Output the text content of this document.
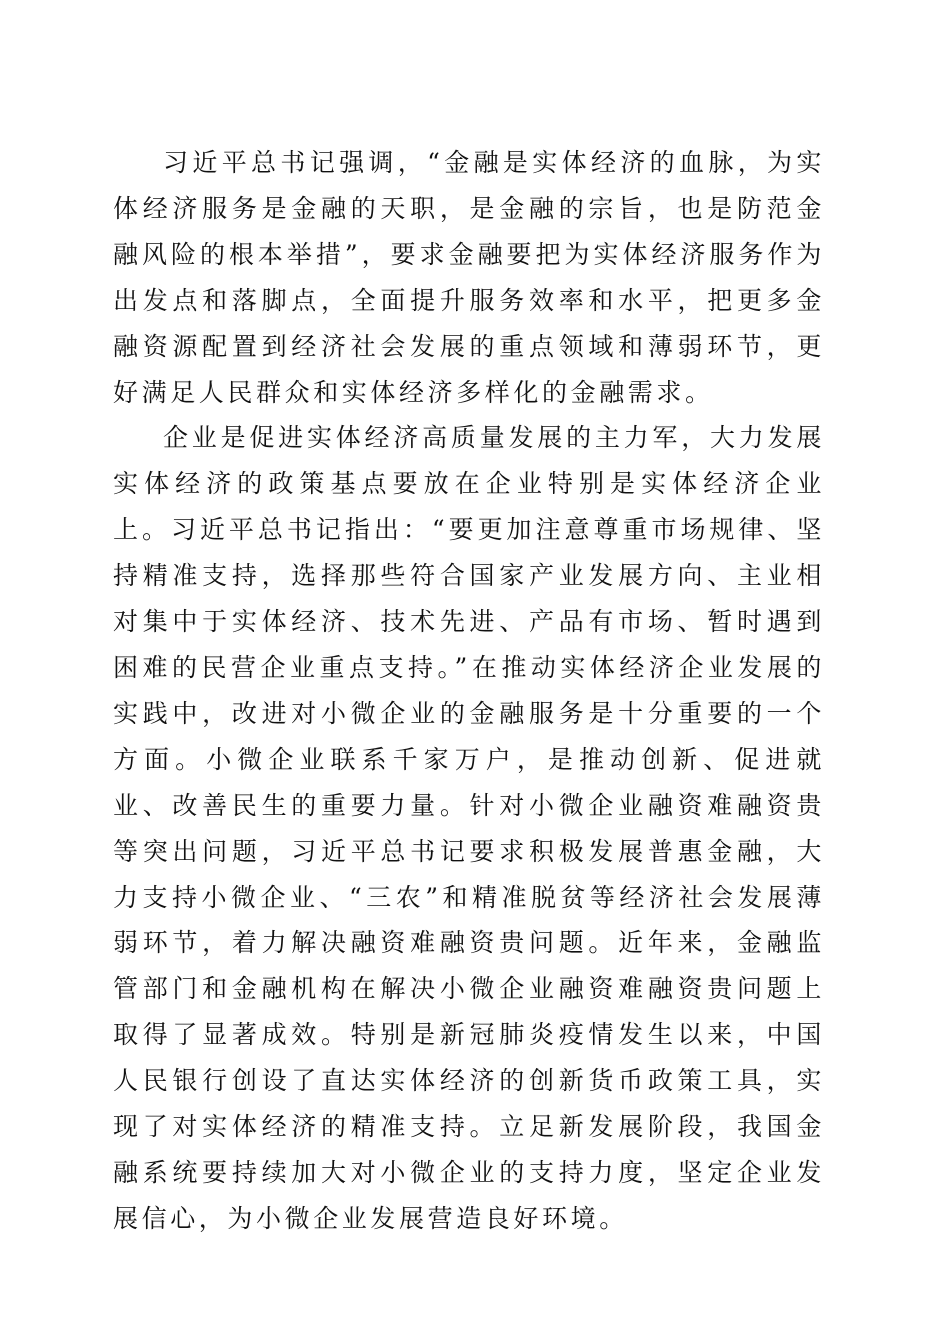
习近平总书记强调，“金融是实体经济的血脉，为实体经济服务是金融的天职，是金融的宗旨，也是防范金融风险的根本举措”，要求金融要把为实体经济服务作为出发点和落脚点，全面提升服务效率和水平，把更多金融资源配置到经济社会发展的重点领域和薄弱环节，更好满足人民群众和实体经济多样化的金融需求。

企业是促进实体经济高质量发展的主力军，大力发展实体经济的政策基点要放在企业特别是实体经济企业上。习近平总书记指出：“要更加注意尊重市场规律、坚持精准支持，选择那些符合国家产业发展方向、主业相对集中于实体经济、技术先进、产品有市场、暂时遇到困难的民营企业重点支持。”在推动实体经济企业发展的实践中，改进对小微企业的金融服务是十分重要的一个方面。小微企业联系千家万户，是推动创新、促进就业、改善民生的重要力量。针对小微企业融资难融资贵等突出问题，习近平总书记要求积极发展普惠金融，大力支持小微企业、“三农”和精准脱贫等经济社会发展薄弱环节，着力解决融资难融资贵问题。近年来，金融监管部门和金融机构在解决小微企业融资难融资贵问题上取得了显著成效。特别是新冠肺炎疫情发生以来，中国人民银行创设了直达实体经济的创新货币政策工具，实现了对实体经济的精准支持。立足新发展阶段，我国金融系统要持续加大对小微企业的支持力度，坚定企业发展信心，为小微企业发展营造良好环境。
